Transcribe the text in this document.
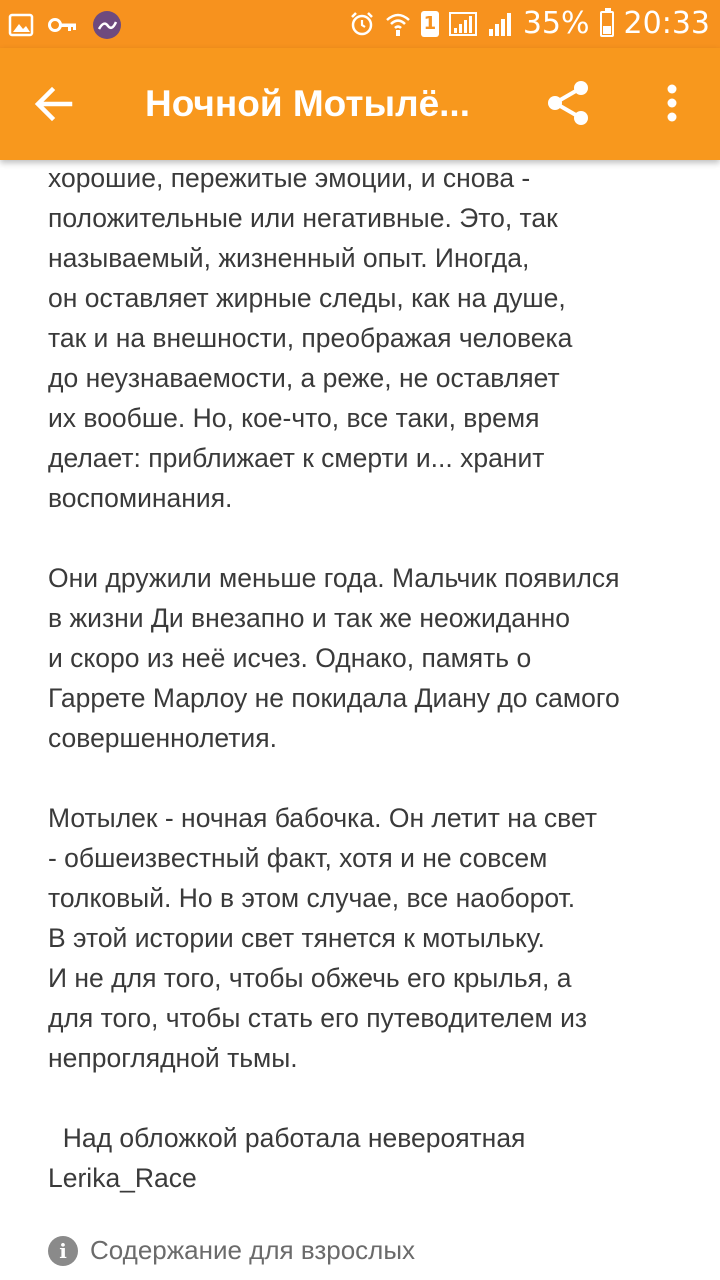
1	35% 20:33
Ночной Мотылё...
хорошие, пережитые эмоции, и снова -
положительные или негативные. Это, так
называемый, жизненный опыт. Иногда,
он оставляет жирные следы, как на душе,
так и на внешности, преображая человека
до неузнаваемости, а реже, не оставляет
их вообше. Но, кое-что, все таки, время
делает: приближает к смерти и... хранит
воспоминания.
Они дружили меньше года. Мальчик появился
в жизни Ди внезапно и так же неожиданно
и скоро из неё исчез. Однако, память о
Гаррете Марлоу не покидала Диану до самого
совершеннолетия.
Мотылек - ночная бабочка. Он летит на свет
- обшеизвестный факт, хотя и не совсем
толковый. Но в этом случае, все наоборот.
В этой истории свет тянется к мотыльку.
И не для того, чтобы обжечь его крылья, а
для того, чтобы стать его путеводителем из
непроглядной тьмы.
Над обложкой работала невероятная
Lerika_Race
i Содержание для взрослых
